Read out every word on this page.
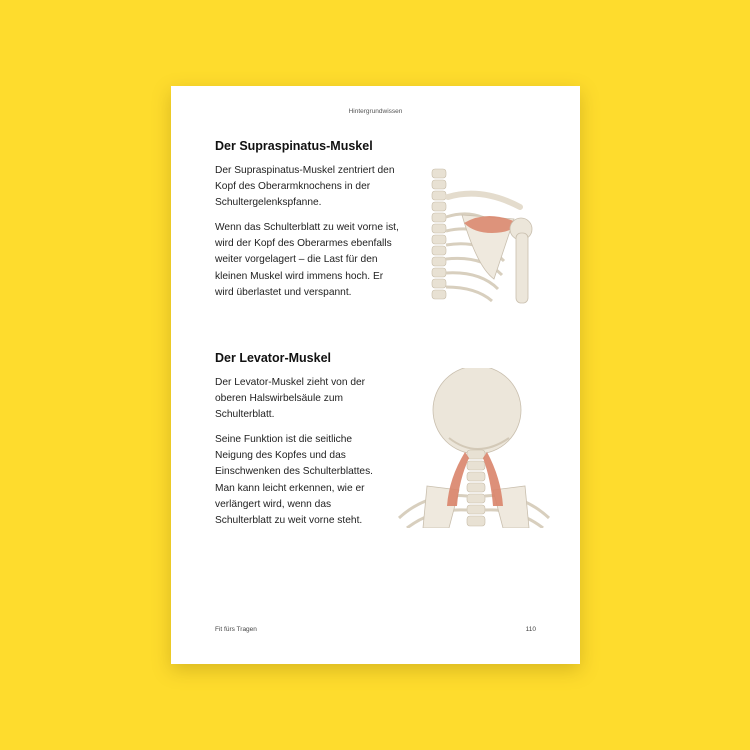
Hintergrundwissen
Der Supraspinatus-Muskel

Der Supraspinatus-Muskel zentriert den Kopf des Oberarmknochens in der Schultergelenkspfanne.

Wenn das Schulterblatt zu weit vorne ist, wird der Kopf des Oberarmes ebenfalls weiter vorgelagert – die Last für den kleinen Muskel wird immens hoch. Er wird überlastet und verspannt.

Der Levator-Muskel

Der Levator-Muskel zieht von der oberen Halswirbelsäule zum Schulterblatt.

Seine Funktion ist die seitliche Neigung des Kopfes und das Einschwenken des Schulterblattes. Man kann leicht erkennen, wie er verlängert wird, wenn das Schulterblatt zu weit vorne steht.

Fit fürs Tragen	110
